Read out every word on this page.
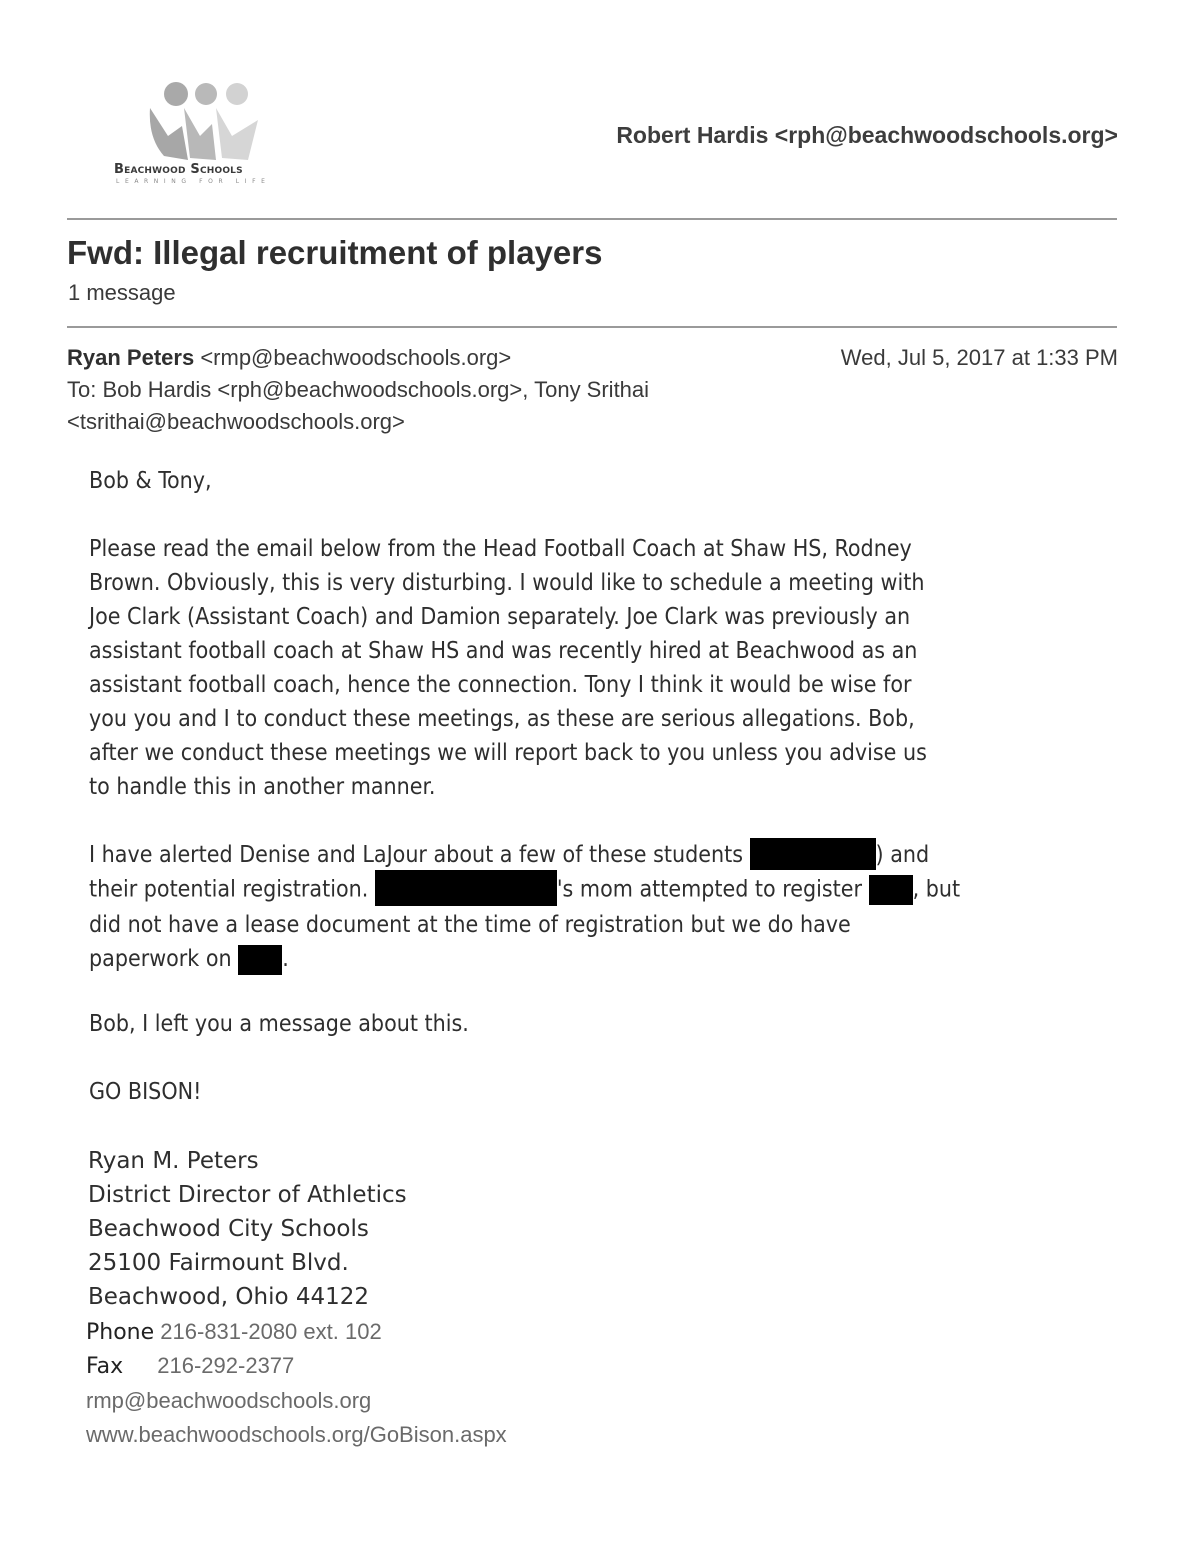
Beachwood Schools
LEARNING FOR LIFE
Robert Hardis <rph@beachwoodschools.org>
Fwd: Illegal recruitment of players
1 message
Ryan Peters <rmp@beachwoodschools.org>	Wed, Jul 5, 2017 at 1:33 PM
To: Bob Hardis <rph@beachwoodschools.org>, Tony Srithai
<tsrithai@beachwoodschools.org>
Bob & Tony,
Please read the email below from the Head Football Coach at Shaw HS, Rodney
Brown. Obviously, this is very disturbing. I would like to schedule a meeting with
Joe Clark (Assistant Coach) and Damion separately. Joe Clark was previously an
assistant football coach at Shaw HS and was recently hired at Beachwood as an
assistant football coach, hence the connection. Tony I think it would be wise for
you you and I to conduct these meetings, as these are serious allegations. Bob,
after we conduct these meetings we will report back to you unless you advise us
to handle this in another manner.
I have alerted Denise and LaJour about a few of these students	) and
their potential registration.	's mom attempted to register , but
did not have a lease document at the time of registration but we do have
paperwork on .
Bob, I left you a message about this.
GO BISON!
Ryan M. Peters
District Director of Athletics
Beachwood City Schools
25100 Fairmount Blvd.
Beachwood, Ohio 44122
Phone 216-831-2080 ext. 102
Fax 216-292-2377
rmp@beachwoodschools.org
www.beachwoodschools.org/GoBison.aspx
